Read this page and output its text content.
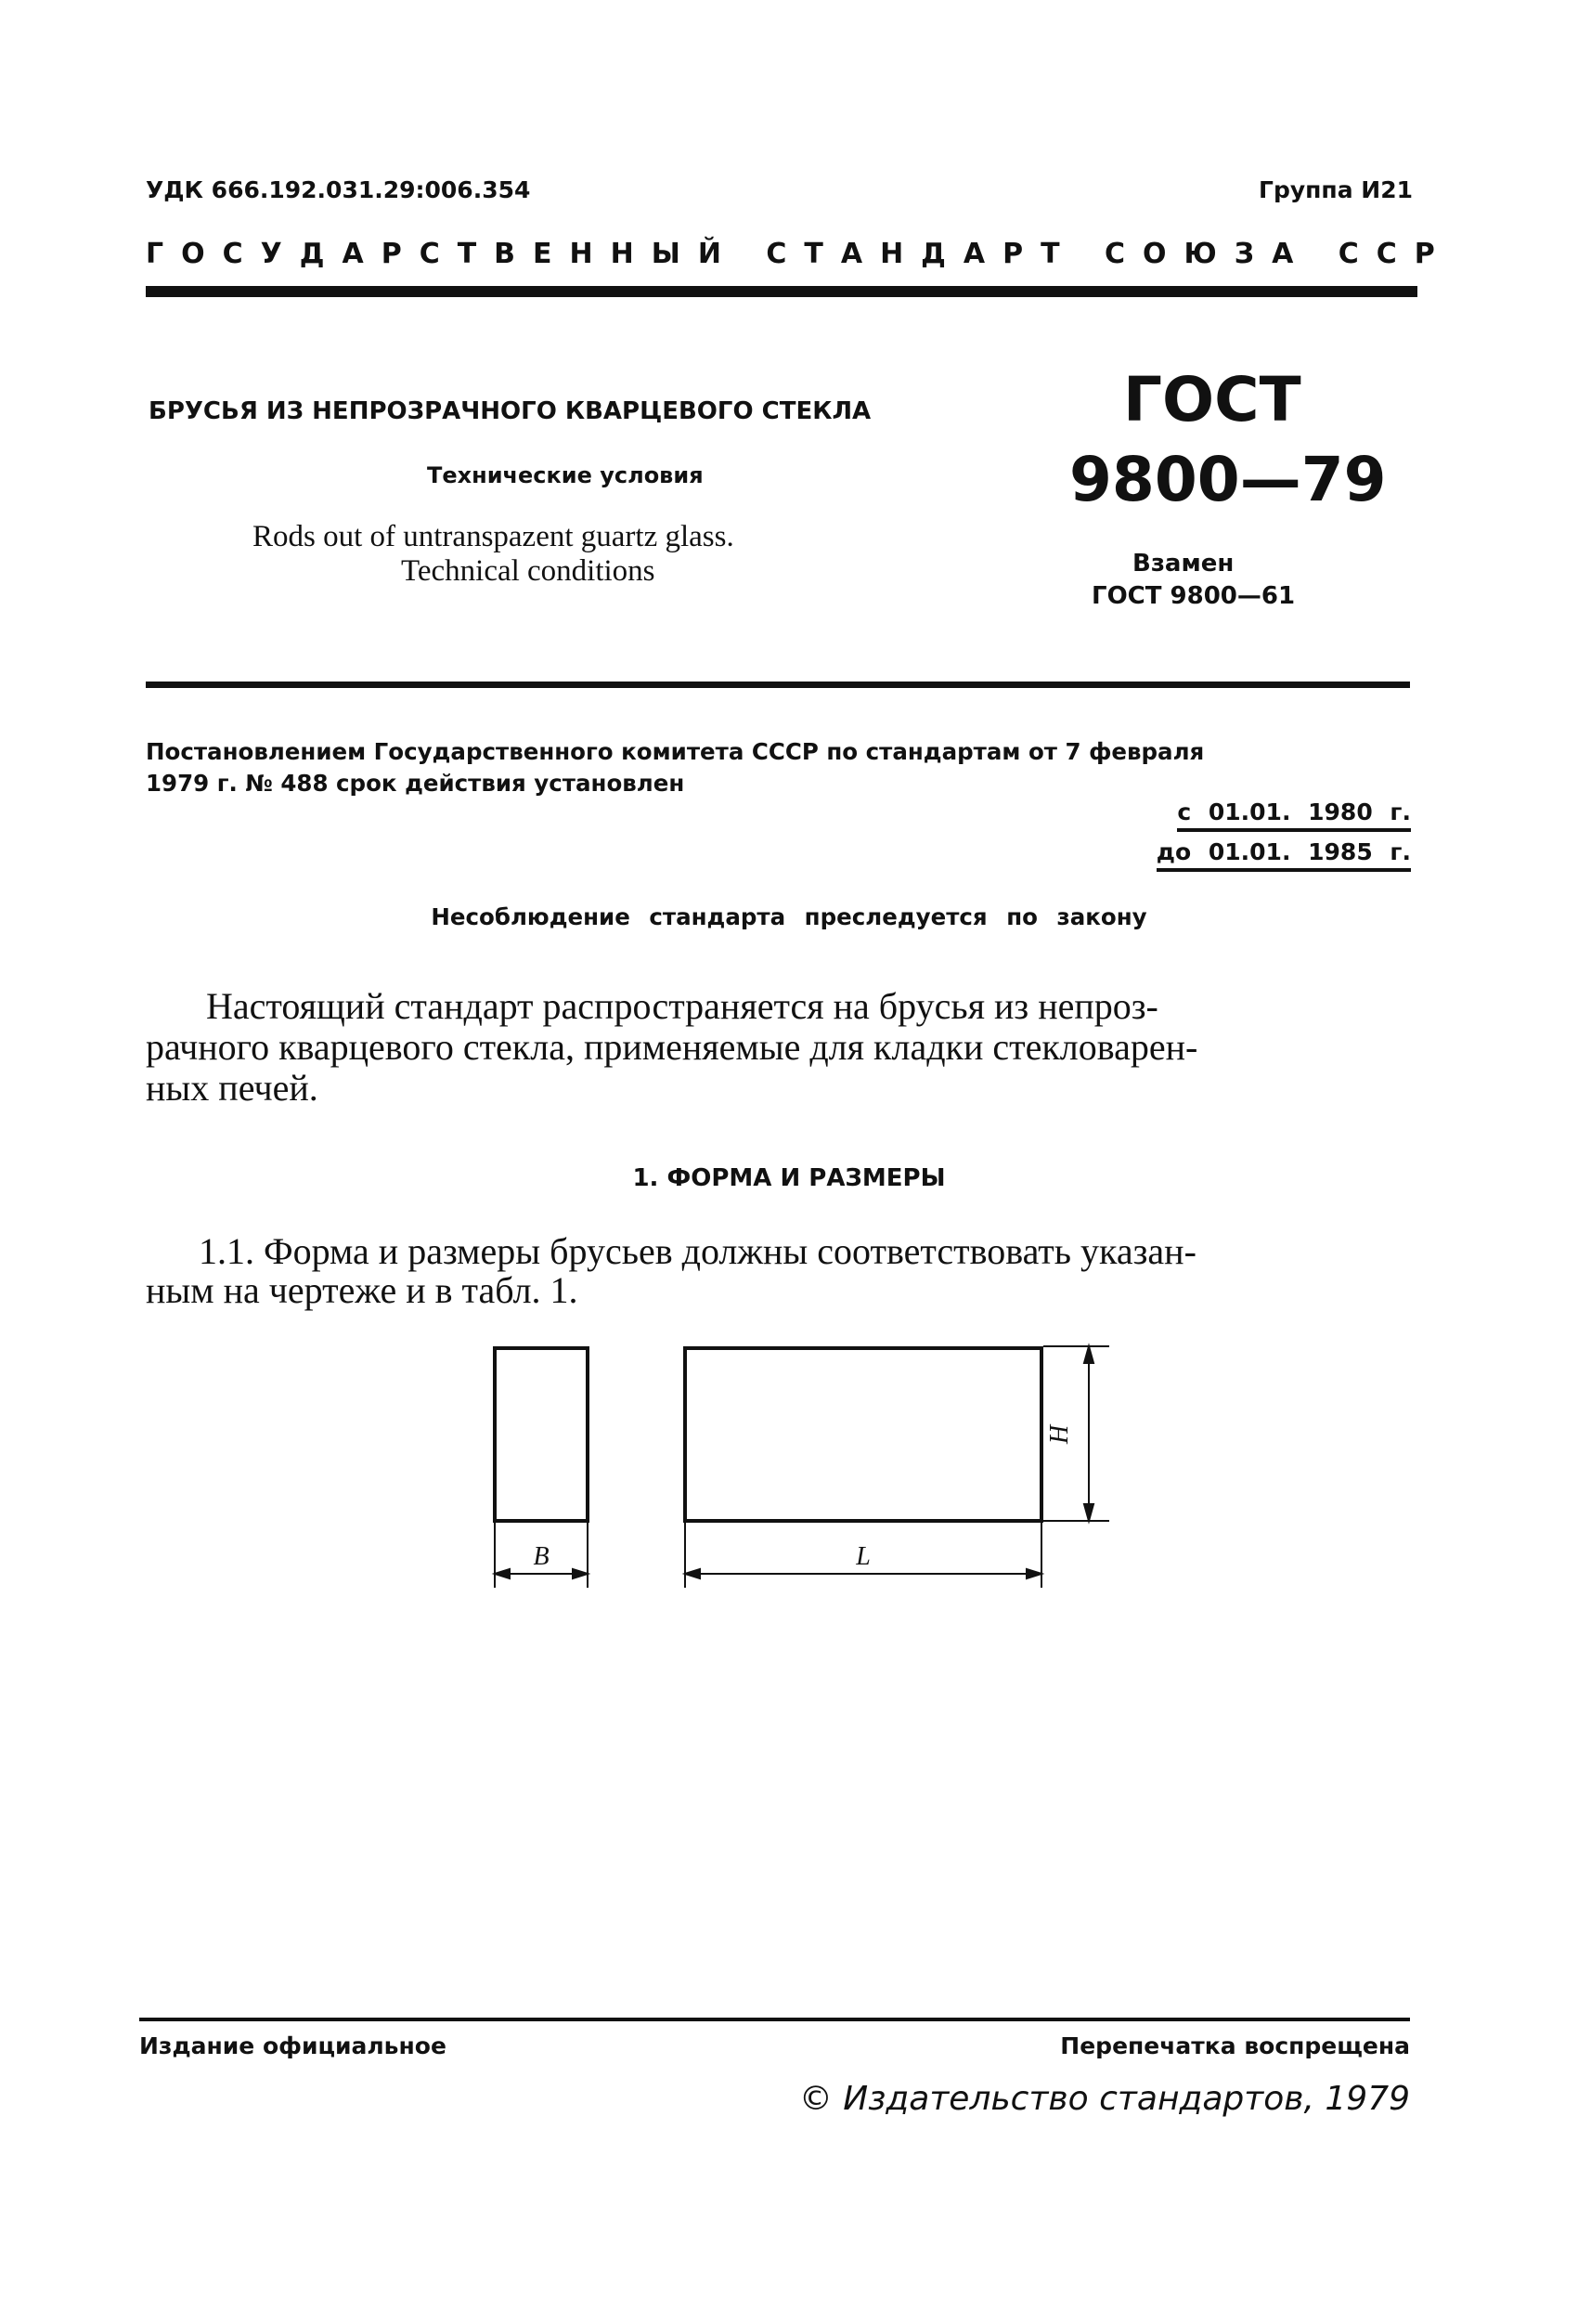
УДК 666.192.031.29:006.354	Группа И21
ГОСУДАРСТВЕННЫЙ СТАНДАРТ СОЮЗА ССР
БРУСЬЯ ИЗ НЕПРОЗРАЧНОГО КВАРЦЕВОГО СТЕКЛА
Технические условия
Rods out of untranspazent guartz glass.
Technical conditions
ГОСТ
9800—79
Взамен
ГОСТ 9800—61
Постановлением Государственного комитета СССР по стандартам от 7 февраля
1979 г. № 488 срок действия установлен
с 01.01. 1980 г.
до 01.01. 1985 г.
Несоблюдение стандарта преследуется по закону
Настоящий стандарт распространяется на брусья из непроз-
рачного кварцевого стекла, применяемые для кладки стекловарен-
ных печей.
1. ФОРМА И РАЗМЕРЫ
1.1. Форма и размеры брусьев должны соответствовать указан-
ным на чертеже и в табл. 1.
B	L
H
Издание официальное	Перепечатка воспрещена
© Издательство стандартов, 1979
